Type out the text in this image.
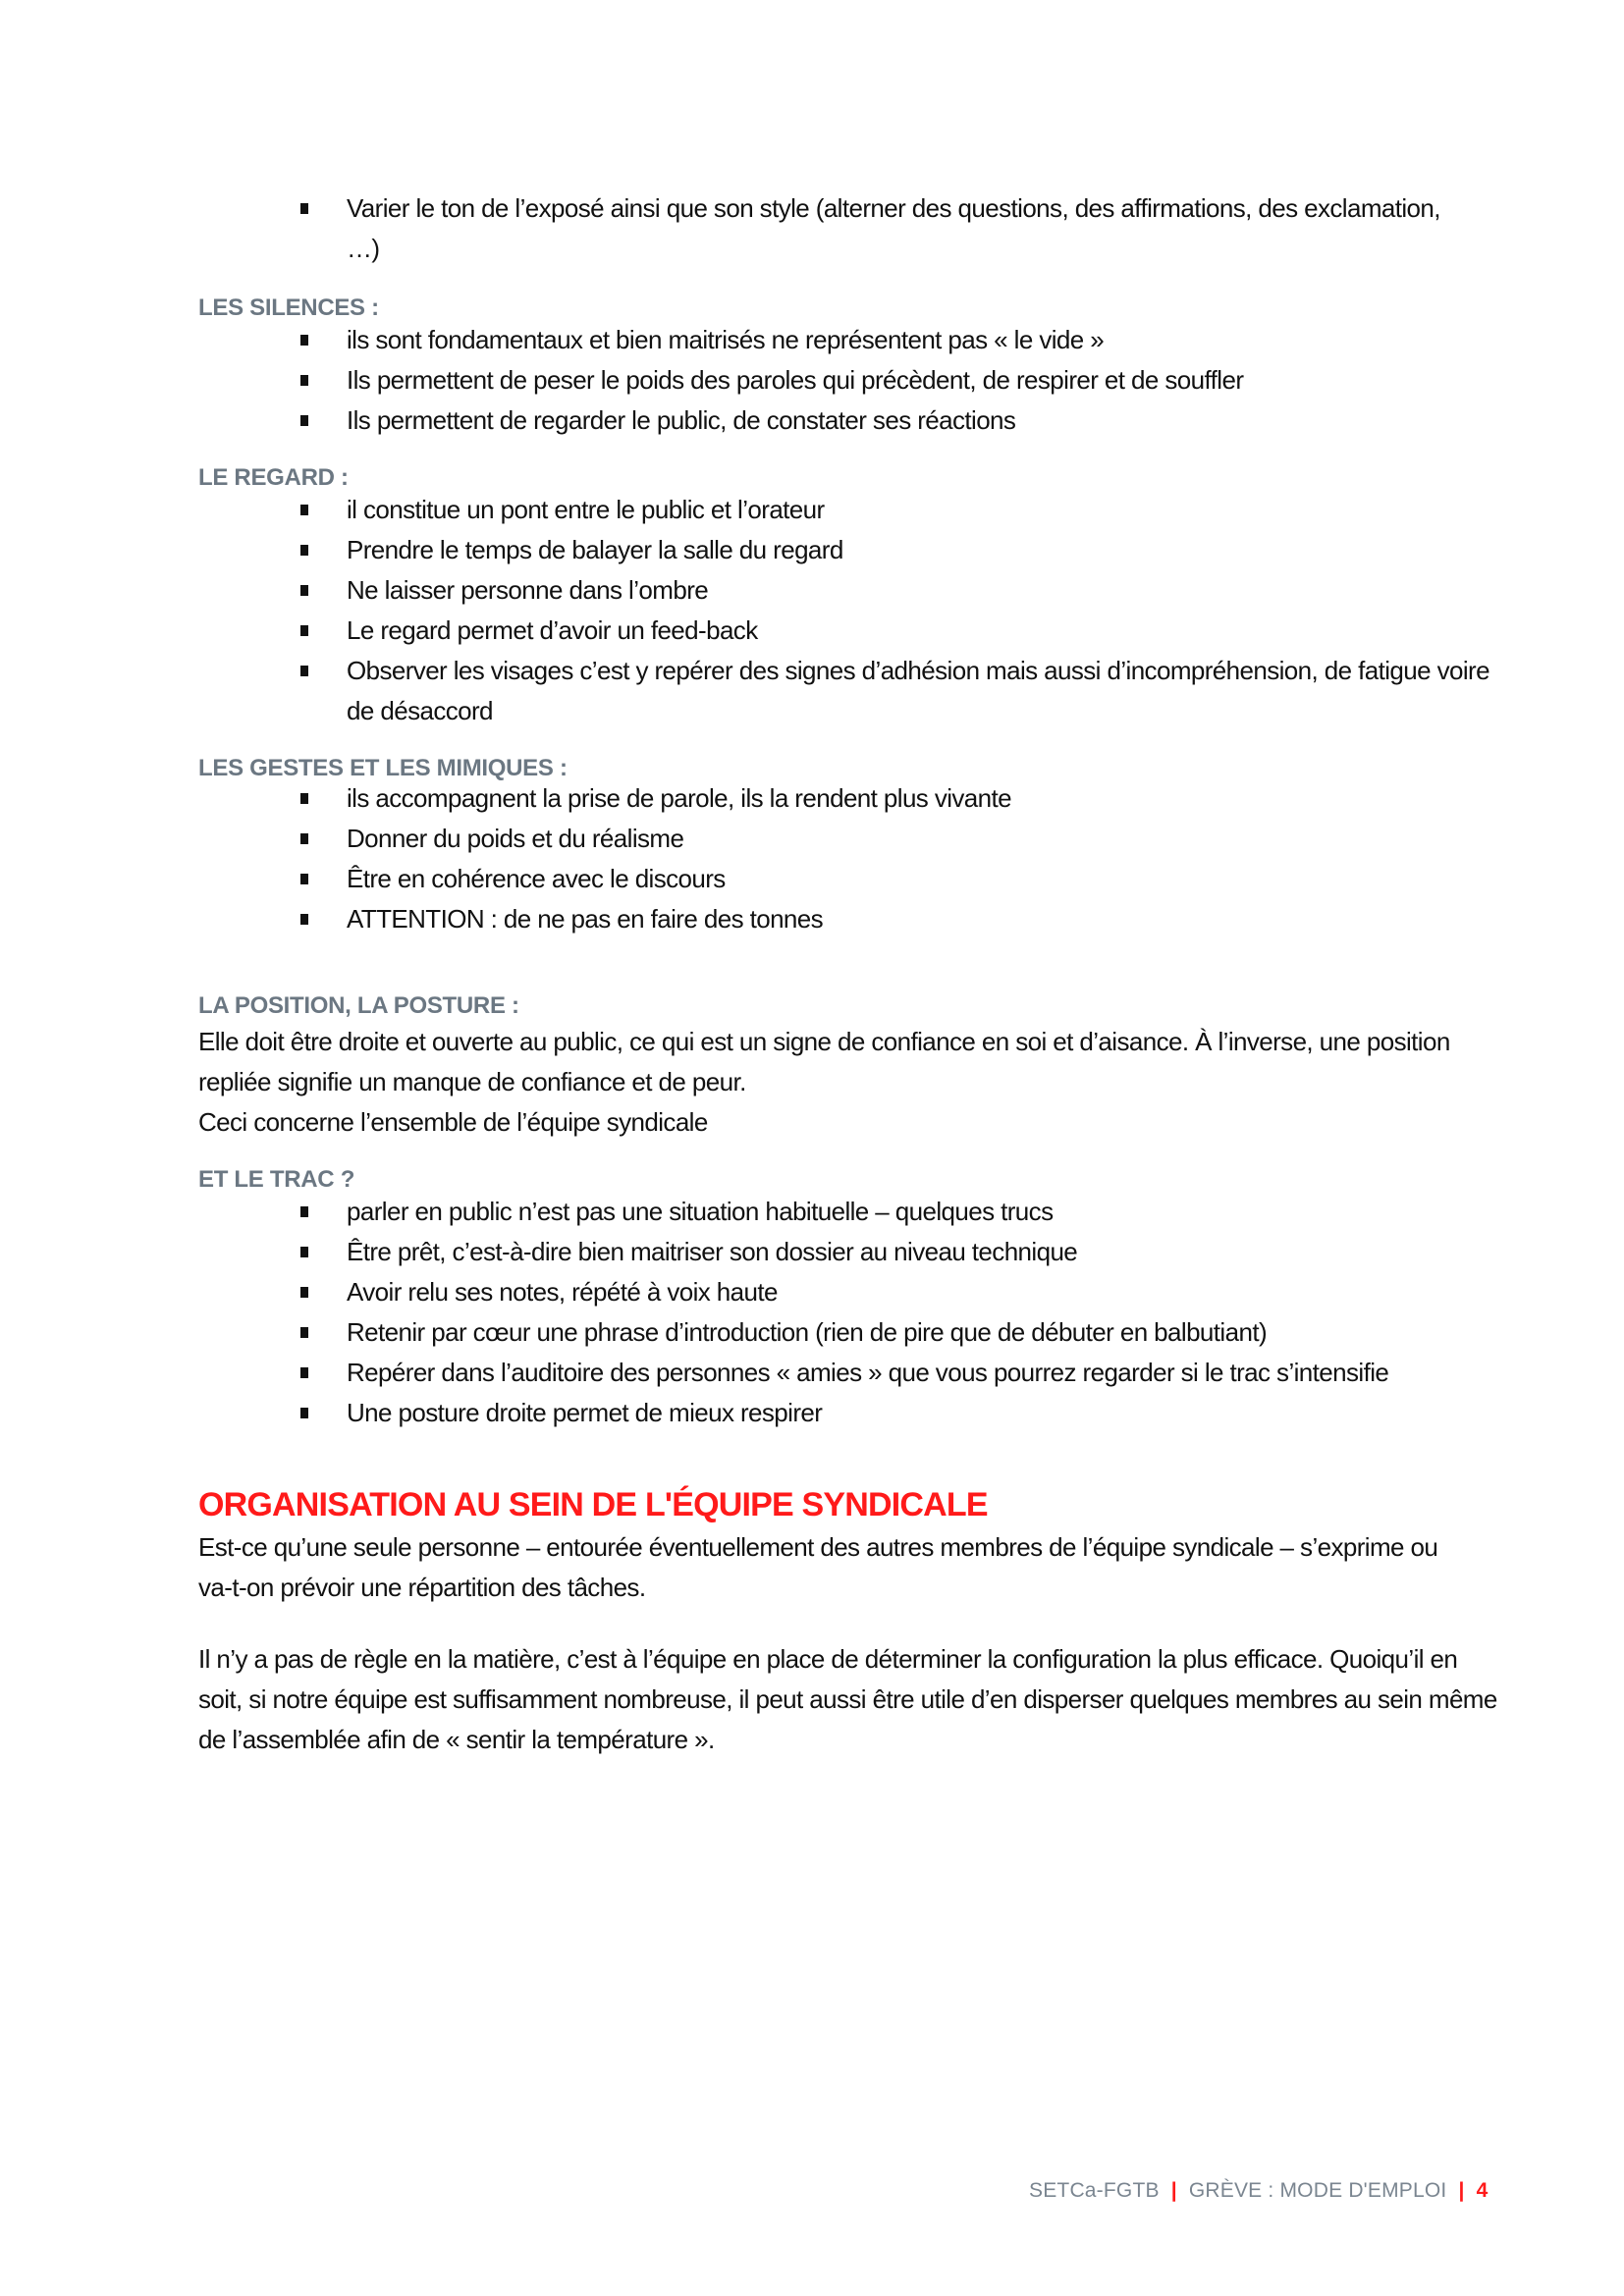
Varier le ton de l’exposé ainsi que son style (alterner des questions, des affirmations, des exclamation, …)
LES SILENCES :
ils sont fondamentaux et bien maitrisés ne représentent pas « le vide »
Ils permettent de peser le poids des paroles qui précèdent, de respirer et de souffler
Ils permettent de regarder le public, de constater ses réactions
LE REGARD :
il constitue un pont entre le public et l’orateur
Prendre le temps de balayer la salle du regard
Ne laisser personne dans l’ombre
Le regard permet d’avoir un feed-back
Observer les visages c’est y repérer des signes d’adhésion mais aussi d’incompréhension, de fatigue voire de désaccord
LES GESTES ET LES MIMIQUES :
ils accompagnent la prise de parole, ils la rendent plus vivante
Donner du poids et du réalisme
Être en cohérence avec le discours
ATTENTION : de ne pas en faire des tonnes
LA POSITION, LA POSTURE :

Elle doit être droite et ouverte au public, ce qui est un signe de confiance en soi et d’aisance. À l’inverse, une position repliée signifie un manque de confiance et de peur.

Ceci concerne l’ensemble de l’équipe syndicale

ET LE TRAC ?
parler en public n’est pas une situation habituelle – quelques trucs
Être prêt, c’est-à-dire bien maitriser son dossier au niveau technique
Avoir relu ses notes, répété à voix haute
Retenir par cœur une phrase d’introduction (rien de pire que de débuter en balbutiant)
Repérer dans l’auditoire des personnes « amies » que vous pourrez regarder si le trac s’intensifie
Une posture droite permet de mieux respirer
ORGANISATION AU SEIN DE L'ÉQUIPE SYNDICALE

Est-ce qu’une seule personne – entourée éventuellement des autres membres de l’équipe syndicale – s’exprime ou va-t-on prévoir une répartition des tâches.

Il n’y a pas de règle en la matière, c’est à l’équipe en place de déterminer la configuration la plus efficace. Quoiqu’il en soit, si notre équipe est suffisamment nombreuse, il peut aussi être utile d’en disperser quelques membres au sein même de l’assemblée afin de « sentir la température ».

SETCa-FGTB | GRÈVE : MODE D'EMPLOI | 4
